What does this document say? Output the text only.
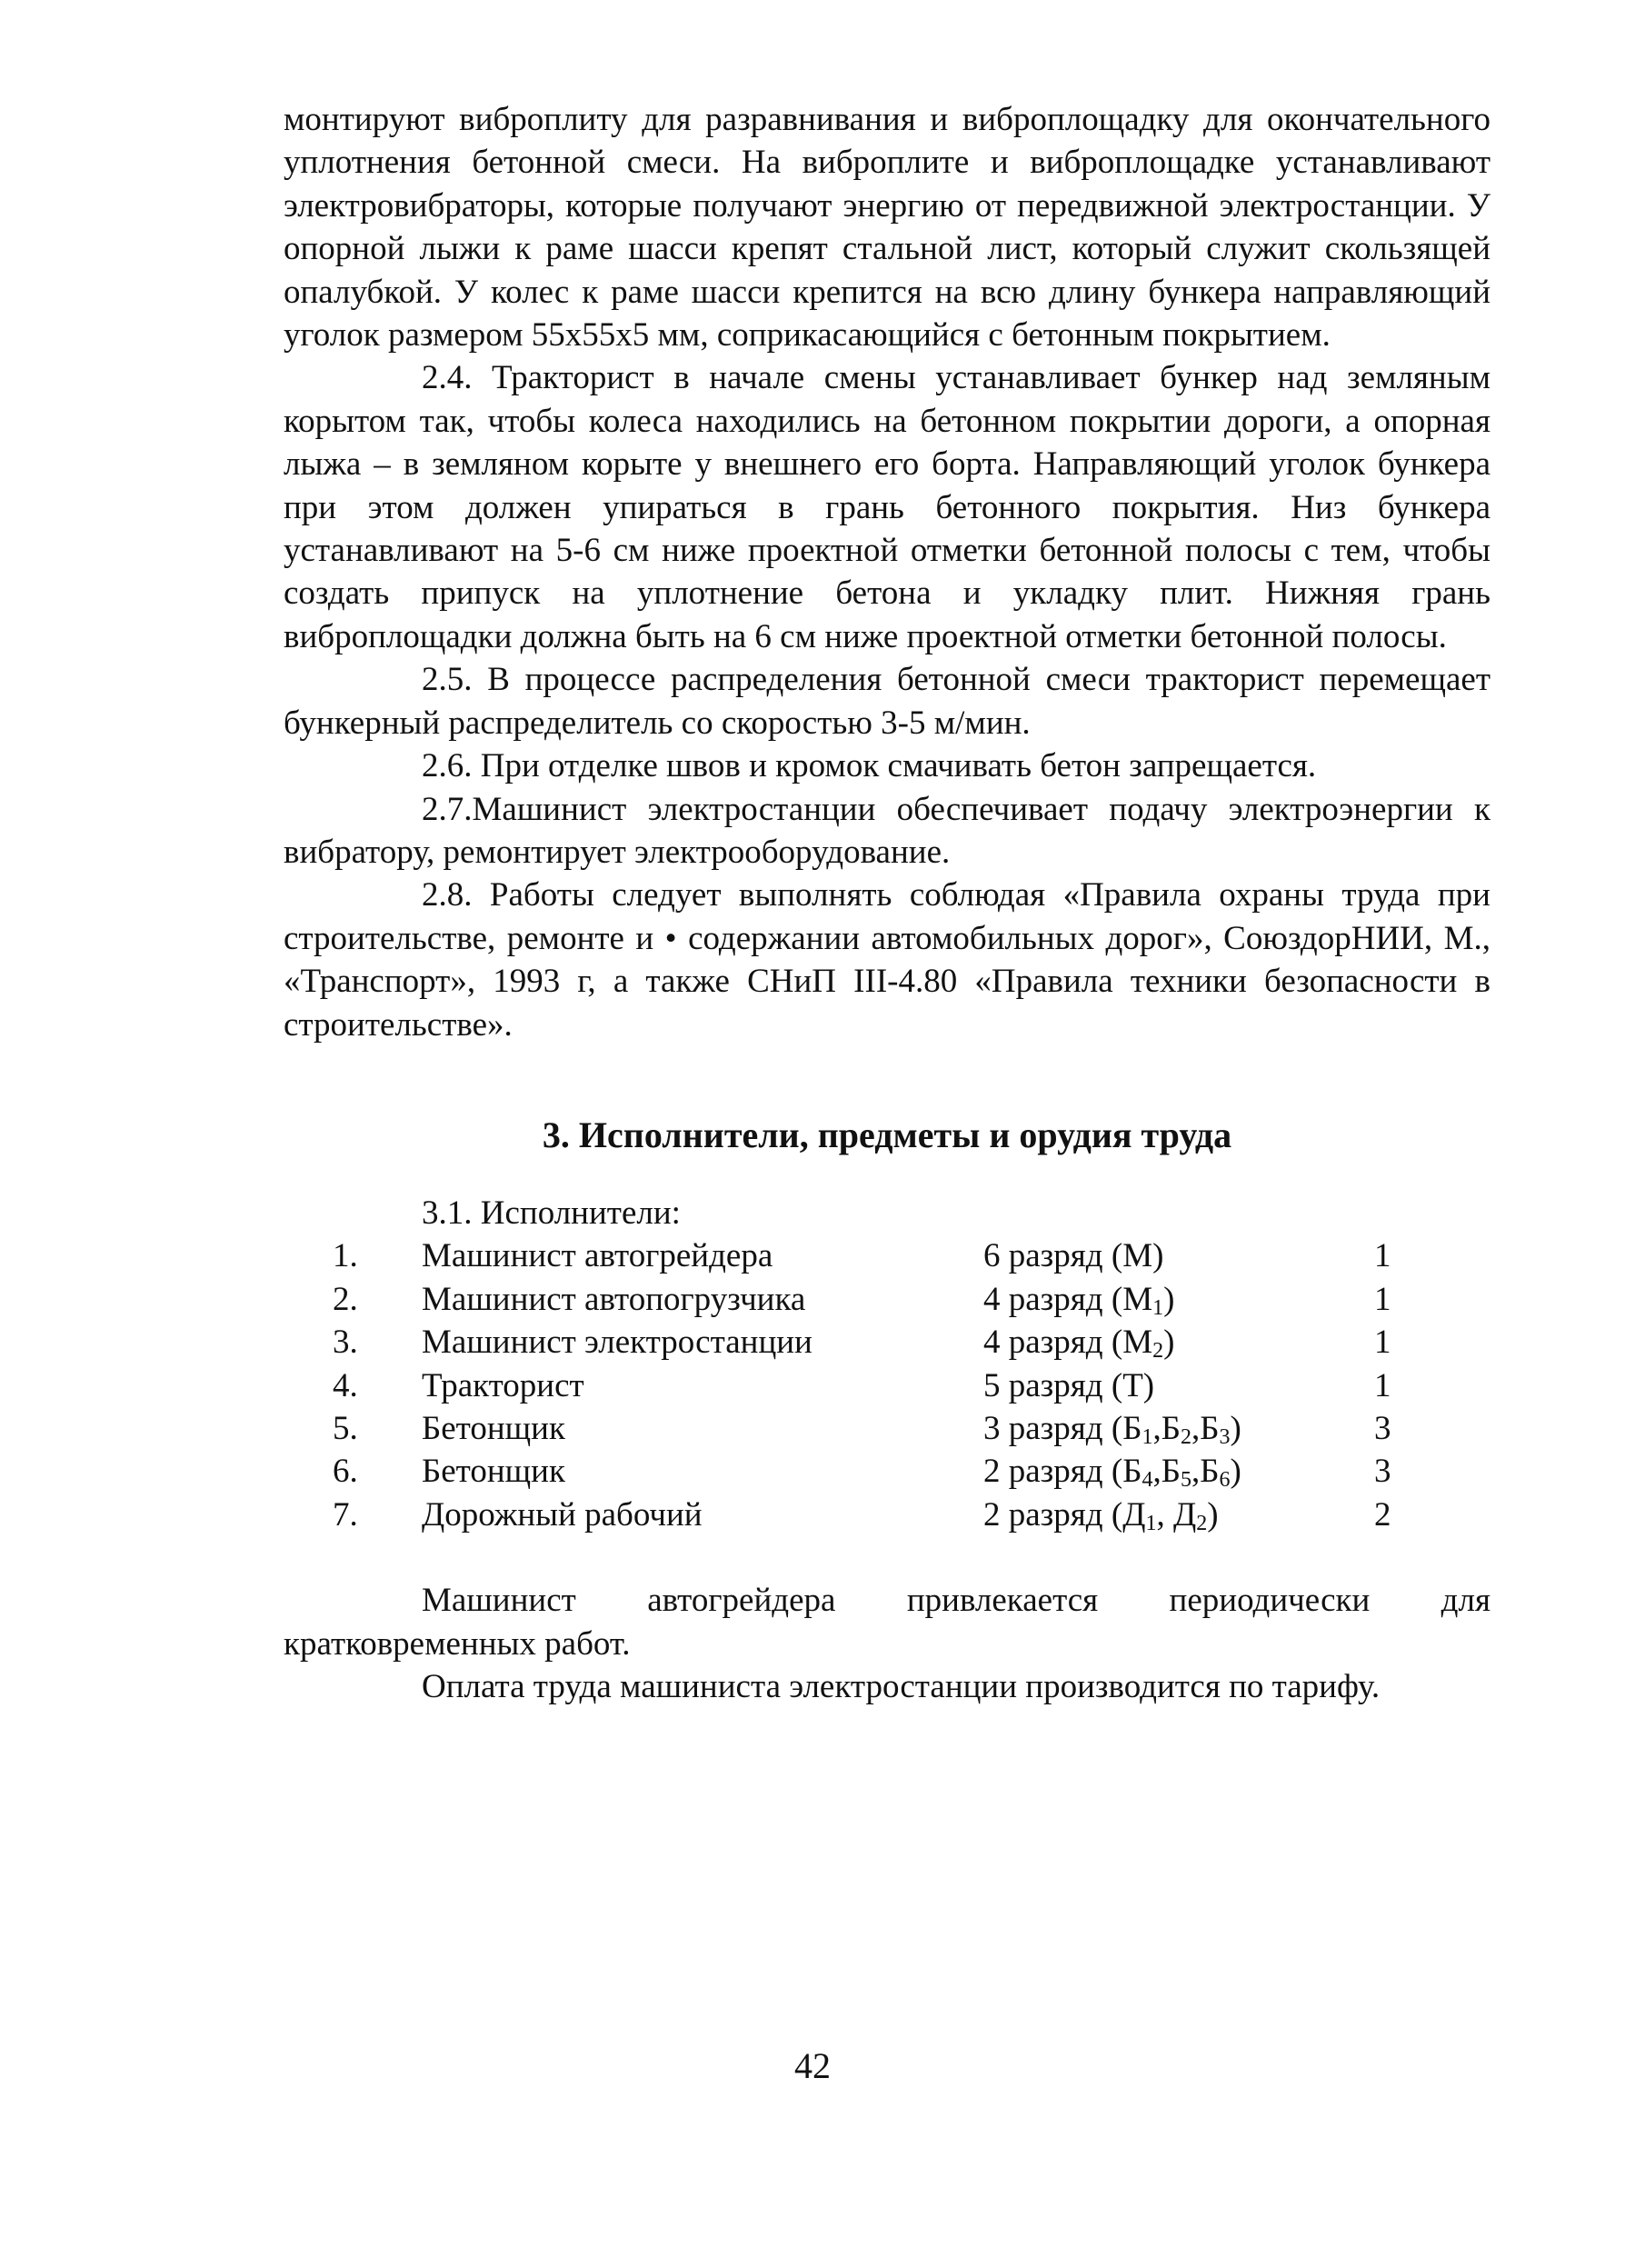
монтируют виброплиту для разравнивания и виброплощадку для окончательного уплотнения бетонной смеси. На виброплите и виброплощадке устанавливают электровибраторы, которые получают энергию от передвижной электростанции. У опорной лыжи к раме шасси крепят стальной лист, который служит скользящей опалубкой. У колес к раме шасси крепится на всю длину бункера направляющий уголок размером 55х55х5 мм, соприкасающийся с бетонным покрытием.

2.4. Тракторист в начале смены устанавливает бункер над земляным корытом так, чтобы колеса находились на бетонном покрытии дороги, а опорная лыжа – в земляном корыте у внешнего его борта. Направляющий уголок бункера при этом должен упираться в грань бетонного покрытия. Низ бункера устанавливают на 5-6 см ниже проектной отметки бетонной полосы с тем, чтобы создать припуск на уплотнение бетона и укладку плит. Нижняя грань виброплощадки должна быть на 6 см ниже проектной отметки бетонной полосы.

2.5. В процессе распределения бетонной смеси тракторист перемещает бункерный распределитель со скоростью 3-5 м/мин.

2.6. При отделке швов и кромок смачивать бетон запрещается.

2.7.Машинист электростанции обеспечивает подачу электроэнергии к вибратору, ремонтирует электрооборудование.

2.8. Работы следует выполнять соблюдая «Правила охраны труда при строительстве, ремонте и • содержании автомобильных дорог», СоюздорНИИ, М., «Транспорт», 1993 г, а также СНиП III-4.80 «Правила техники безопасности в строительстве».

3. Исполнители, предметы и орудия труда

3.1. Исполнители:

1.	Машинист автогрейдера	6 разряд (М)	1
2.	Машинист автопогрузчика	4 разряд $(М_1)$	1
3.	Машинист электростанции	4 разряд $(М_2)$	1
4.	Тракторист	5 разряд (Т)	1
5.	Бетонщик	3 разряд $(Б_1,Б_2,Б_3)$	3
6.	Бетонщик	2 разряд $(Б_4,Б_5,Б_6)$	3
7.	Дорожный рабочий	2 разряд ($Д_1$, $Д_2$)	2

Машинист автогрейдера привлекается периодически для кратковременных работ.

Оплата труда машиниста электростанции производится по тарифу.

42
